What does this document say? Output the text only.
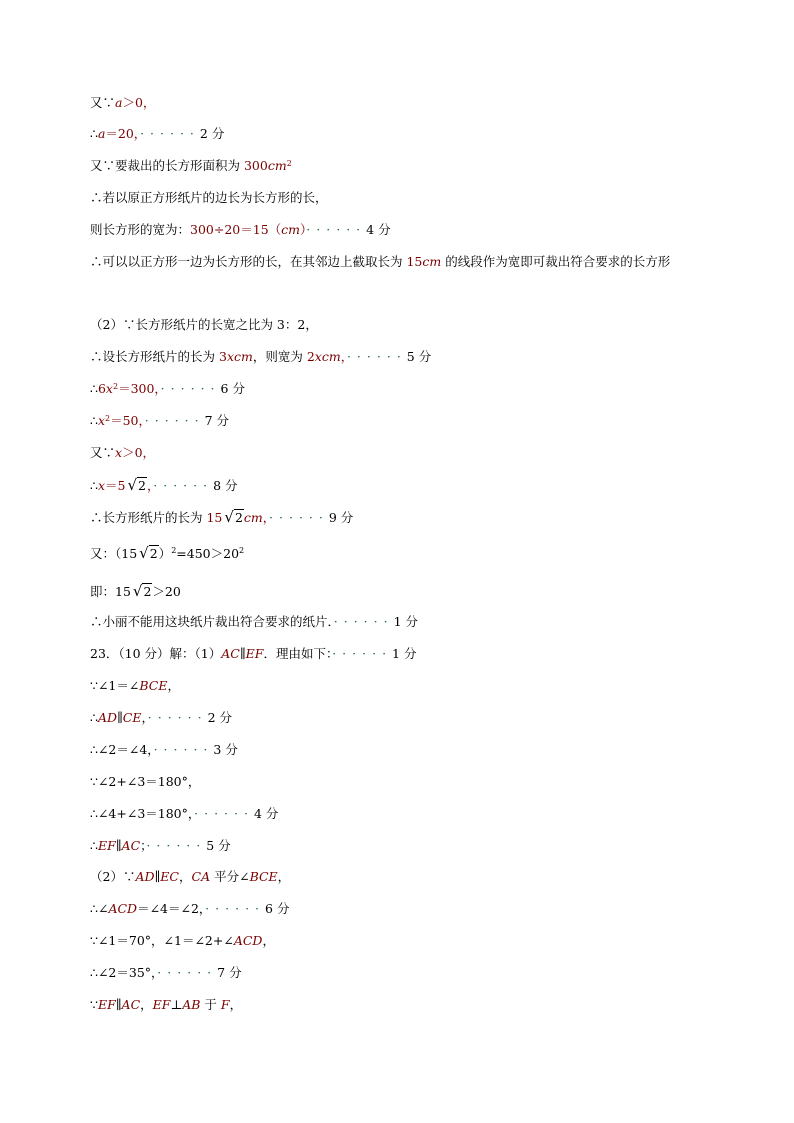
又∵a＞0，
∴a＝20，······2 分
又∵要裁出的长方形面积为 $300cm^2$
∴若以原正方形纸片的边长为长方形的长，
则长方形的宽为：300÷20＝15（cm）······4 分
∴可以以正方形一边为长方形的长，在其邻边上截取长为 15cm 的线段作为宽即可裁出符合要求的长方形
（2）∵长方形纸片的长宽之比为 3：2，
∴设长方形纸片的长为 3xcm，则宽为 2xcm，······5 分
$\therefore 6x^2=300$，······6 分
$\therefore x^2=50$，······7 分
又∵x＞0，
∴x＝5 √2，······8 分
∴长方形纸片的长为 15 √2cm，······9 分
又：（15 $√2)^2=450>20^2$
即：15 √2＞20
∴小丽不能用这块纸片裁出符合要求的纸片．······1 分
23．（10 分）解：（1）AC∥EF．理由如下：······1 分
∵∠1＝∠BCE，
∴AD∥CE，······2 分
∴∠2＝∠4，······3 分
∵∠2+∠3＝180°，
∴∠4+∠3＝180°，······4 分
∴EF∥AC；······5 分
（2）∵AD∥EC，CA 平分∠BCE，
∴∠ACD＝∠4＝∠2，······6 分
∵∠1＝70°，∠1＝∠2+∠ACD，
∴∠2＝35°，······7 分
∵EF∥AC，EF⊥AB 于 F，
